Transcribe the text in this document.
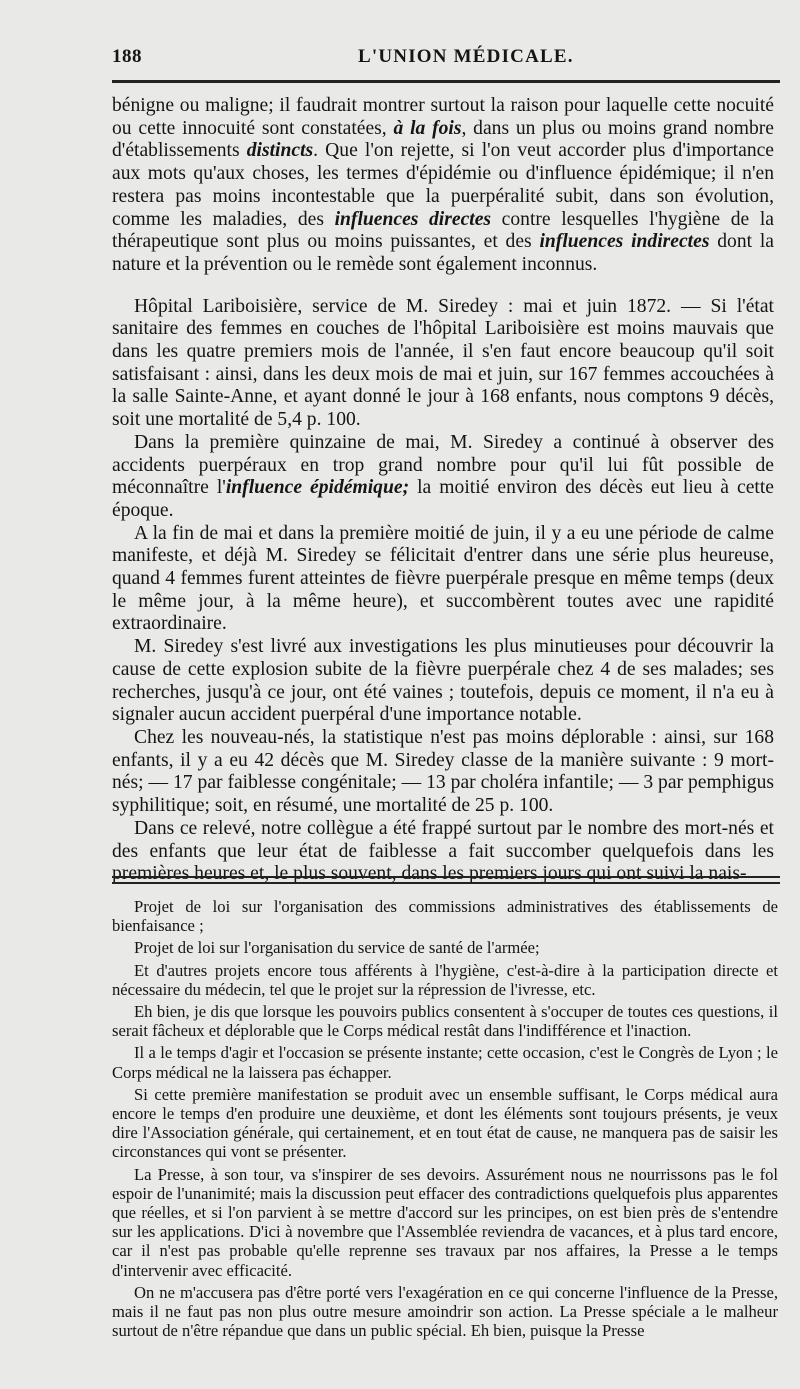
188	L'UNION MÉDICALE.

bénigne ou maligne; il faudrait montrer surtout la raison pour laquelle cette nocuité ou cette innocuité sont constatées, à la fois, dans un plus ou moins grand nombre d'établissements distincts. Que l'on rejette, si l'on veut accorder plus d'importance aux mots qu'aux choses, les termes d'épidémie ou d'influence épidémique; il n'en restera pas moins incontestable que la puerpéralité subit, dans son évolution, comme les maladies, des influences directes contre lesquelles l'hygiène de la thérapeutique sont plus ou moins puissantes, et des influences indirectes dont la nature et la prévention ou le remède sont également inconnus.

Hôpital Lariboisière, service de M. Siredey : mai et juin 1872. — Si l'état sanitaire des femmes en couches de l'hôpital Lariboisière est moins mauvais que dans les quatre premiers mois de l'année, il s'en faut encore beaucoup qu'il soit satisfaisant : ainsi, dans les deux mois de mai et juin, sur 167 femmes accouchées à la salle Sainte-Anne, et ayant donné le jour à 168 enfants, nous comptons 9 décès, soit une mortalité de 5,4 p. 100.

Dans la première quinzaine de mai, M. Siredey a continué à observer des accidents puerpéraux en trop grand nombre pour qu'il lui fût possible de méconnaître l'influence épidémique; la moitié environ des décès eut lieu à cette époque.

A la fin de mai et dans la première moitié de juin, il y a eu une période de calme manifeste, et déjà M. Siredey se félicitait d'entrer dans une série plus heureuse, quand 4 femmes furent atteintes de fièvre puerpérale presque en même temps (deux le même jour, à la même heure), et succombèrent toutes avec une rapidité extraordinaire.

M. Siredey s'est livré aux investigations les plus minutieuses pour découvrir la cause de cette explosion subite de la fièvre puerpérale chez 4 de ses malades; ses recherches, jusqu'à ce jour, ont été vaines ; toutefois, depuis ce moment, il n'a eu à signaler aucun accident puerpéral d'une importance notable.

Chez les nouveau-nés, la statistique n'est pas moins déplorable : ainsi, sur 168 enfants, il y a eu 42 décès que M. Siredey classe de la manière suivante : 9 mort-nés; — 17 par faiblesse congénitale; — 13 par choléra infantile; — 3 par pemphigus syphilitique; soit, en résumé, une mortalité de 25 p. 100.

Dans ce relevé, notre collègue a été frappé surtout par le nombre des mort-nés et des enfants que leur état de faiblesse a fait succomber quelquefois dans les premières heures et, le plus souvent, dans les premiers jours qui ont suivi la nais-

Projet de loi sur l'organisation des commissions administratives des établissements de bienfaisance ;

Projet de loi sur l'organisation du service de santé de l'armée;

Et d'autres projets encore tous afférents à l'hygiène, c'est-à-dire à la participation directe et nécessaire du médecin, tel que le projet sur la répression de l'ivresse, etc.

Eh bien, je dis que lorsque les pouvoirs publics consentent à s'occuper de toutes ces questions, il serait fâcheux et déplorable que le Corps médical restât dans l'indifférence et l'inaction.

Il a le temps d'agir et l'occasion se présente instante; cette occasion, c'est le Congrès de Lyon ; le Corps médical ne la laissera pas échapper.

Si cette première manifestation se produit avec un ensemble suffisant, le Corps médical aura encore le temps d'en produire une deuxième, et dont les éléments sont toujours présents, je veux dire l'Association générale, qui certainement, et en tout état de cause, ne manquera pas de saisir les circonstances qui vont se présenter.

La Presse, à son tour, va s'inspirer de ses devoirs. Assurément nous ne nourrissons pas le fol espoir de l'unanimité; mais la discussion peut effacer des contradictions quelquefois plus apparentes que réelles, et si l'on parvient à se mettre d'accord sur les principes, on est bien près de s'entendre sur les applications. D'ici à novembre que l'Assemblée reviendra de vacances, et à plus tard encore, car il n'est pas probable qu'elle reprenne ses travaux par nos affaires, la Presse a le temps d'intervenir avec efficacité.

On ne m'accusera pas d'être porté vers l'exagération en ce qui concerne l'influence de la Presse, mais il ne faut pas non plus outre mesure amoindrir son action. La Presse spéciale a le malheur surtout de n'être répandue que dans un public spécial. Eh bien, puisque la Presse
